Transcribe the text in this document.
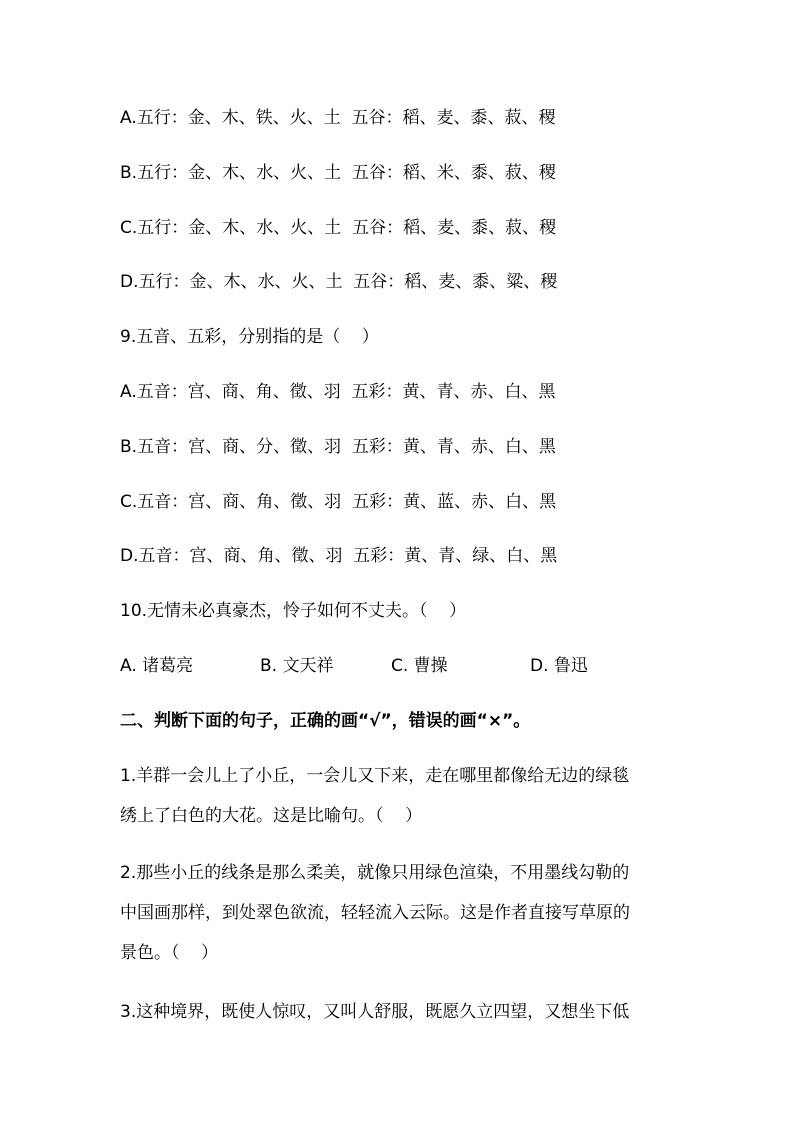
A.五行：金、木、铁、火、土  五谷：稻、麦、黍、菽、稷
B.五行：金、木、水、火、土  五谷：稻、米、黍、菽、稷
C.五行：金、木、水、火、土  五谷：稻、麦、黍、菽、稷
D.五行：金、木、水、火、土  五谷：稻、麦、黍、粱、稷
9.五音、五彩，分别指的是（    ）
A.五音：宫、商、角、徵、羽  五彩：黄、青、赤、白、黑
B.五音：宫、商、分、徵、羽  五彩：黄、青、赤、白、黑
C.五音：宫、商、角、徵、羽  五彩：黄、蓝、赤、白、黑
D.五音：宫、商、角、徵、羽  五彩：黄、青、绿、白、黑
10.无情未必真豪杰，怜子如何不丈夫。（    ）
A. 诸葛亮	B. 文天祥	C. 曹操	D. 鲁迅
二、判断下面的句子，正确的画“√”，错误的画“×”。
1.羊群一会儿上了小丘，一会儿又下来，走在哪里都像给无边的绿毯
绣上了白色的大花。这是比喻句。（    ）
2.那些小丘的线条是那么柔美，就像只用绿色渲染，不用墨线勾勒的
中国画那样，到处翠色欲流，轻轻流入云际。这是作者直接写草原的
景色。（    ）
3.这种境界，既使人惊叹，又叫人舒服，既愿久立四望，又想坐下低
